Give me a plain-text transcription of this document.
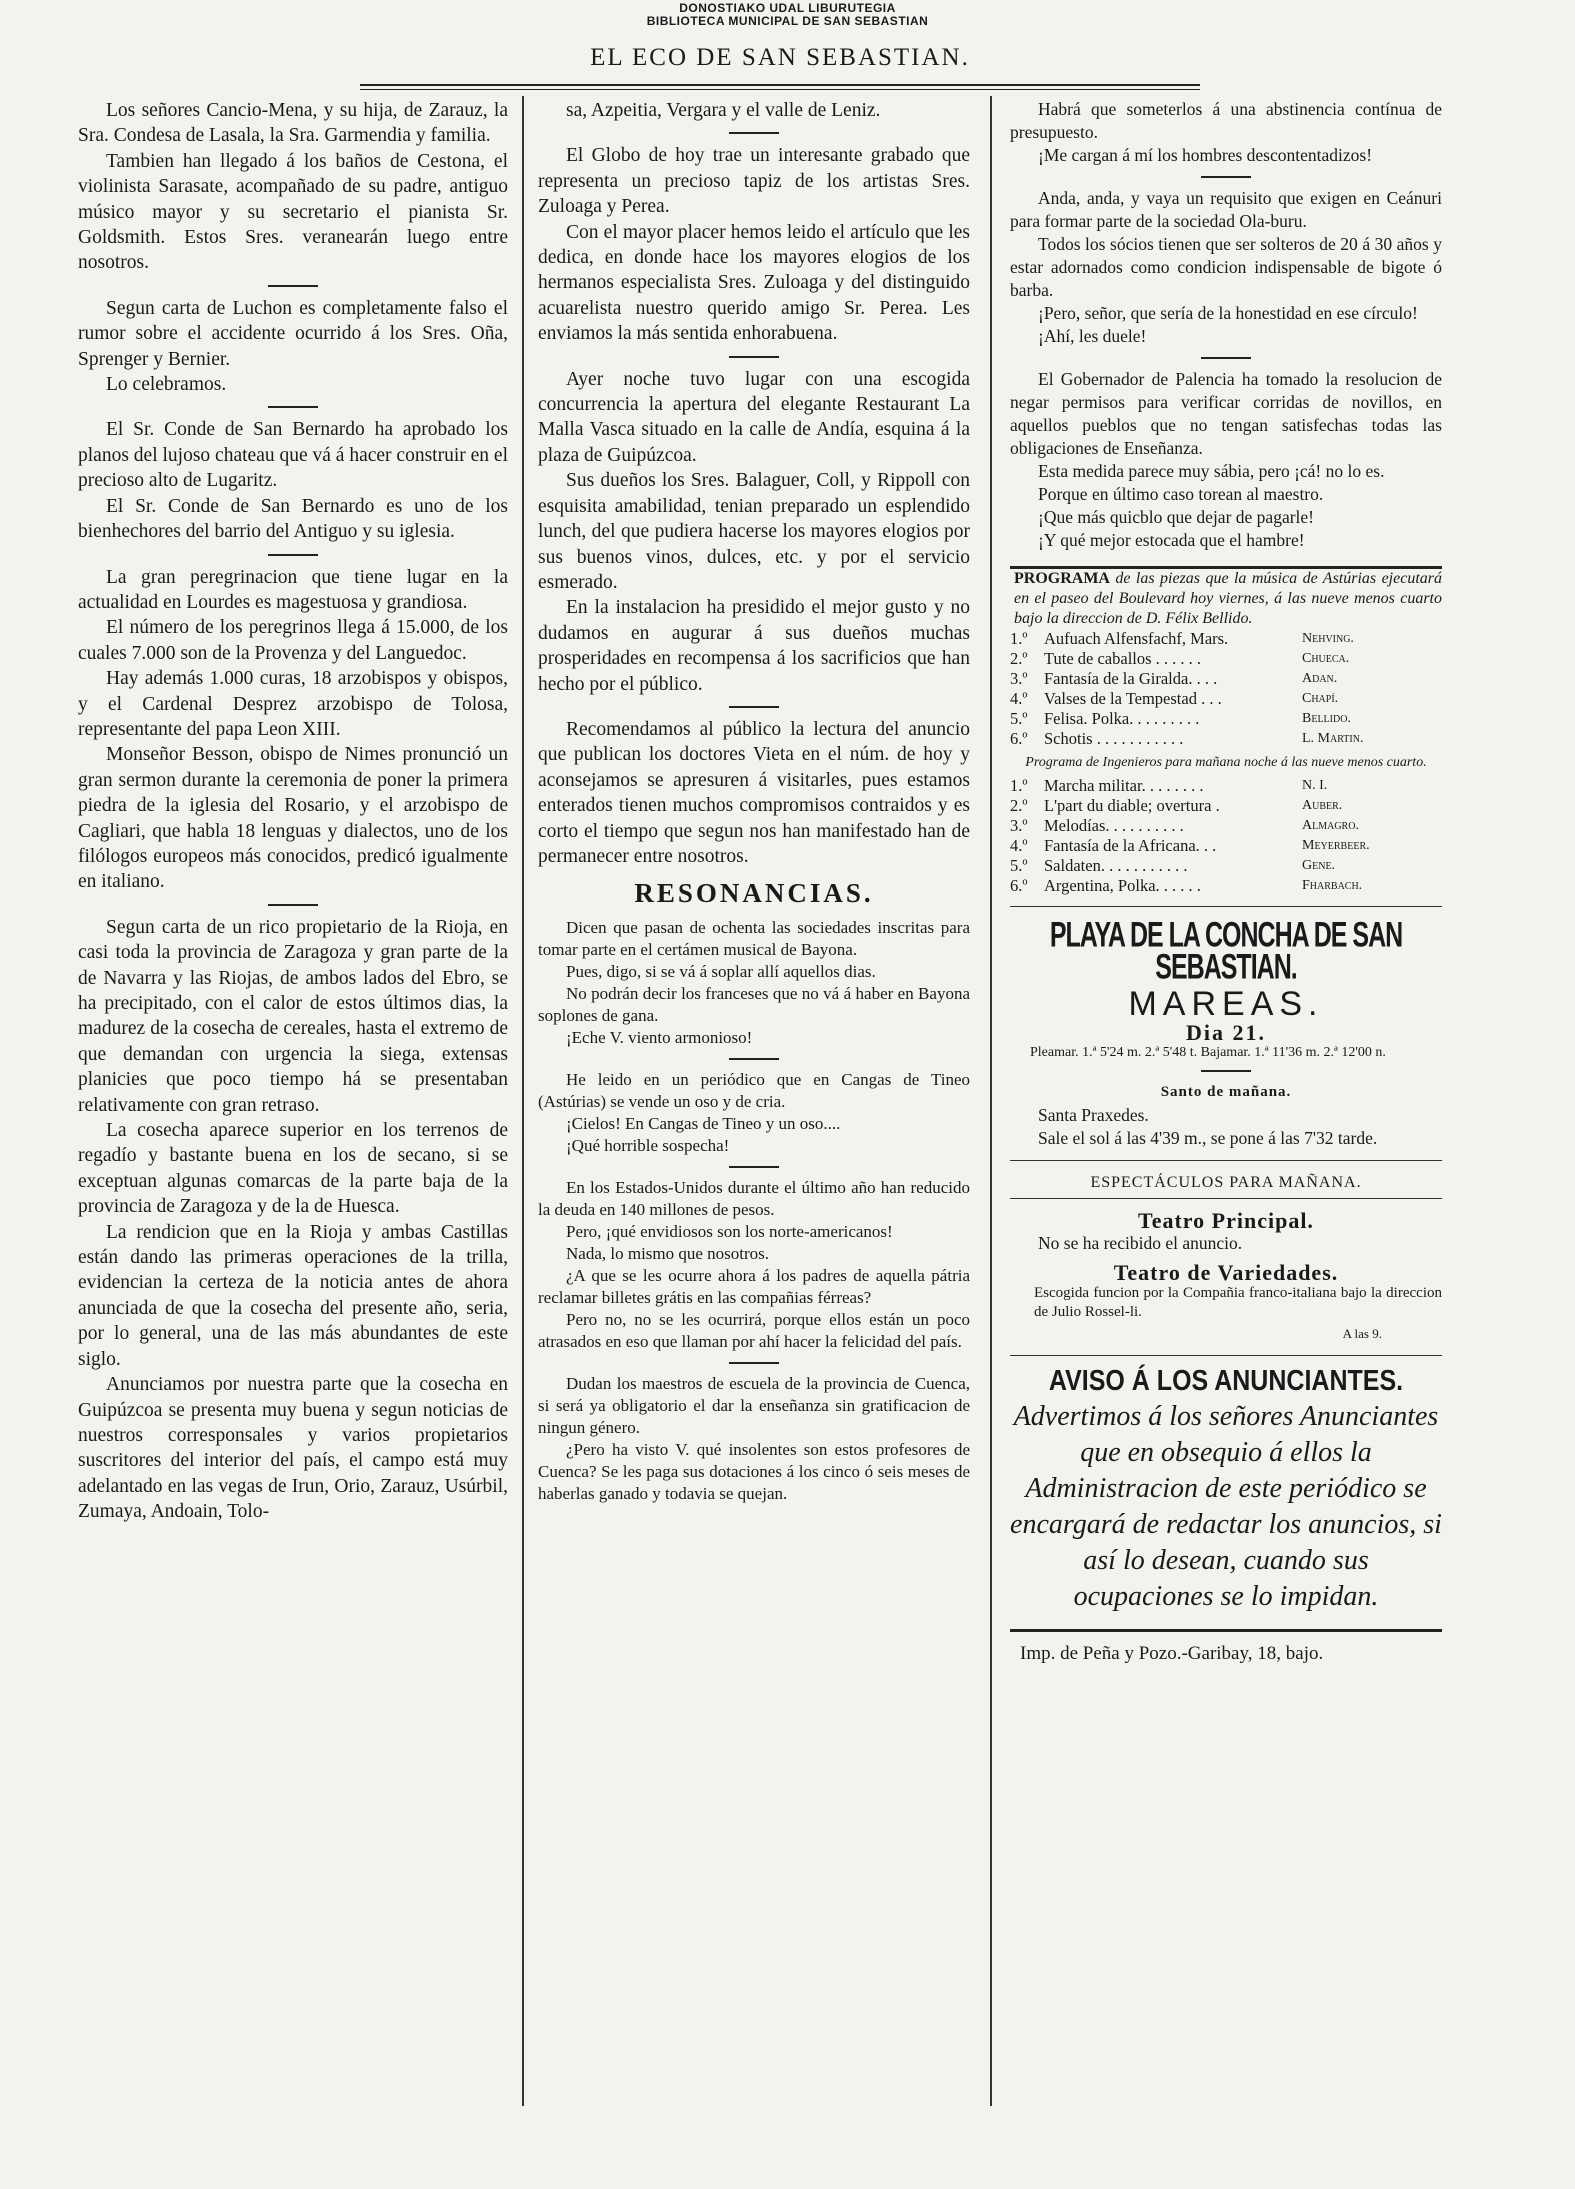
DONOSTIAKO UDAL LIBURUTEGIA
BIBLIOTECA MUNICIPAL DE SAN SEBASTIAN
EL ECO DE SAN SEBASTIAN.

Los señores Cancio-Mena, y su hija, de Zarauz, la Sra. Condesa de Lasala, la Sra. Garmendia y familia.

Tambien han llegado á los baños de Cestona, el violinista Sarasate, acompañado de su padre, antiguo músico mayor y su secretario el pianista Sr. Goldsmith. Estos Sres. veranearán luego entre nosotros.

Segun carta de Luchon es completamente falso el rumor sobre el accidente ocurrido á los Sres. Oña, Sprenger y Bernier.

Lo celebramos.

El Sr. Conde de San Bernardo ha aprobado los planos del lujoso chateau que vá á hacer construir en el precioso alto de Lugaritz.

El Sr. Conde de San Bernardo es uno de los bienhechores del barrio del Antiguo y su iglesia.

La gran peregrinacion que tiene lugar en la actualidad en Lourdes es magestuosa y grandiosa.

El número de los peregrinos llega á 15.000, de los cuales 7.000 son de la Provenza y del Languedoc.

Hay además 1.000 curas, 18 arzobispos y obispos, y el Cardenal Desprez arzobispo de Tolosa, representante del papa Leon XIII.

Monseñor Besson, obispo de Nimes pronunció un gran sermon durante la ceremonia de poner la primera piedra de la iglesia del Rosario, y el arzobispo de Cagliari, que habla 18 lenguas y dialectos, uno de los filólogos europeos más conocidos, predicó igualmente en italiano.

Segun carta de un rico propietario de la Rioja, en casi toda la provincia de Zaragoza y gran parte de la de Navarra y las Riojas, de ambos lados del Ebro, se ha precipitado, con el calor de estos últimos dias, la madurez de la cosecha de cereales, hasta el extremo de que demandan con urgencia la siega, extensas planicies que poco tiempo há se presentaban relativamente con gran retraso.

La cosecha aparece superior en los terrenos de regadío y bastante buena en los de secano, si se exceptuan algunas comarcas de la parte baja de la provincia de Zaragoza y de la de Huesca.

La rendicion que en la Rioja y ambas Castillas están dando las primeras operaciones de la trilla, evidencian la certeza de la noticia antes de ahora anunciada de que la cosecha del presente año, seria, por lo general, una de las más abundantes de este siglo.

Anunciamos por nuestra parte que la cosecha en Guipúzcoa se presenta muy buena y segun noticias de nuestros corresponsales y varios propietarios suscritores del interior del país, el campo está muy adelantado en las vegas de Irun, Orio, Zarauz, Usúrbil, Zumaya, Andoain, Tolo-

sa, Azpeitia, Vergara y el valle de Leniz.

El Globo de hoy trae un interesante grabado que representa un precioso tapiz de los artistas Sres. Zuloaga y Perea.

Con el mayor placer hemos leido el artículo que les dedica, en donde hace los mayores elogios de los hermanos especialista Sres. Zuloaga y del distinguido acuarelista nuestro querido amigo Sr. Perea. Les enviamos la más sentida enhorabuena.

Ayer noche tuvo lugar con una escogida concurrencia la apertura del elegante Restaurant La Malla Vasca situado en la calle de Andía, esquina á la plaza de Guipúzcoa.

Sus dueños los Sres. Balaguer, Coll, y Rippoll con esquisita amabilidad, tenian preparado un esplendido lunch, del que pudiera hacerse los mayores elogios por sus buenos vinos, dulces, etc. y por el servicio esmerado.

En la instalacion ha presidido el mejor gusto y no dudamos en augurar á sus dueños muchas prosperidades en recompensa á los sacrificios que han hecho por el público.

Recomendamos al público la lectura del anuncio que publican los doctores Vieta en el núm. de hoy y aconsejamos se apresuren á visitarles, pues estamos enterados tienen muchos compromisos contraidos y es corto el tiempo que segun nos han manifestado han de permanecer entre nosotros.

RESONANCIAS.

Dicen que pasan de ochenta las sociedades inscritas para tomar parte en el certámen musical de Bayona.

Pues, digo, si se vá á soplar allí aquellos dias.

No podrán decir los franceses que no vá á haber en Bayona soplones de gana.

¡Eche V. viento armonioso!

He leido en un periódico que en Cangas de Tineo (Astúrias) se vende un oso y de cria.

¡Cielos! En Cangas de Tineo y un oso....

¡Qué horrible sospecha!

En los Estados-Unidos durante el último año han reducido la deuda en 140 millones de pesos.

Pero, ¡qué envidiosos son los norte-americanos!

Nada, lo mismo que nosotros.

¿A que se les ocurre ahora á los padres de aquella pátria reclamar billetes grátis en las compañias férreas?

Pero no, no se les ocurrirá, porque ellos están un poco atrasados en eso que llaman por ahí hacer la felicidad del país.

Dudan los maestros de escuela de la provincia de Cuenca, si será ya obligatorio el dar la enseñanza sin gratificacion de ningun género.

¿Pero ha visto V. qué insolentes son estos profesores de Cuenca? Se les paga sus dotaciones á los cinco ó seis meses de haberlas ganado y todavia se quejan.

Habrá que someterlos á una abstinencia contínua de presupuesto.

¡Me cargan á mí los hombres descontentadizos!

Anda, anda, y vaya un requisito que exigen en Ceánuri para formar parte de la sociedad Ola-buru.

Todos los sócios tienen que ser solteros de 20 á 30 años y estar adornados como condicion indispensable de bigote ó barba.

¡Pero, señor, que sería de la honestidad en ese círculo!

¡Ahí, les duele!

El Gobernador de Palencia ha tomado la resolucion de negar permisos para verificar corridas de novillos, en aquellos pueblos que no tengan satisfechas todas las obligaciones de Enseñanza.

Esta medida parece muy sábia, pero ¡cá! no lo es.

Porque en último caso torean al maestro.

¡Que más quicblo que dejar de pagarle!

¡Y qué mejor estocada que el hambre!

PROGRAMA de las piezas que la música de Astúrias ejecutará en el paseo del Boulevard hoy viernes, á las nueve menos cuarto bajo la direccion de D. Félix Bellido.

1.º	Aufuach Alfensfachf, Mars.	Nehving.
2.º	Tute de caballos . . . . . .	Chueca.
3.º	Fantasía de la Giralda. . . .	Adan.
4.º	Valses de la Tempestad . . .	Chapí.
5.º	Felisa. Polka. . . . . . . . .	Bellido.
6.º	Schotis . . . . . . . . . . .	L. Martin.
Programa de Ingenieros para mañana noche á las nueve menos cuarto.
1.º	Marcha militar. . . . . . . .	N. I.
2.º	L'part du diable; overtura .	Auber.
3.º	Melodías. . . . . . . . . .	Almagro.
4.º	Fantasía de la Africana. . .	Meyerbeer.
5.º	Saldaten. . . . . . . . . . .	Gene.
6.º	Argentina, Polka. . . . . .	Fharbach.
PLAYA DE LA CONCHA DE SAN SEBASTIAN.
MAREAS.
Dia 21.

Pleamar. 1.ª 5'24 m. 2.ª 5'48 t. Bajamar. 1.ª 11'36 m. 2.ª 12'00 n.

Santo de mañana.

Santa Praxedes.

Sale el sol á las 4'39 m., se pone á las 7'32 tarde.

ESPECTÁCULOS PARA MAÑANA.
Teatro Principal.

No se ha recibido el anuncio.

Teatro de Variedades.
Escogida funcion por la Compañia franco-italiana bajo la direccion de Julio Rossel-li.
A las 9.
AVISO Á LOS ANUNCIANTES.
Advertimos á los señores Anunciantes que en obsequio á ellos la Administracion de este periódico se encargará de redactar los anuncios, si así lo desean, cuando sus ocupaciones se lo impidan.

Imp. de Peña y Pozo.-Garibay, 18, bajo.
